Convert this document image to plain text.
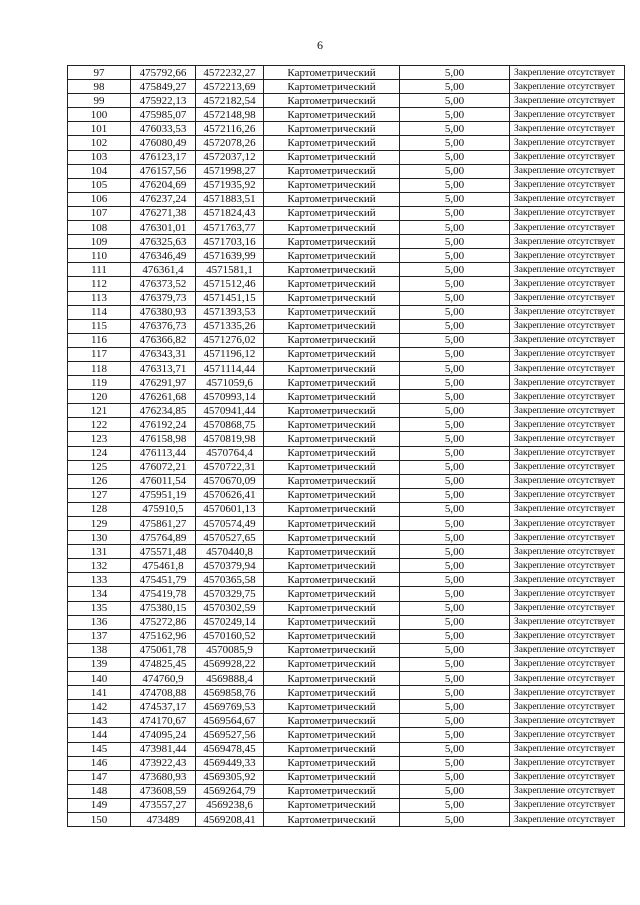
6
97	475792,66	4572232,27	Картометрический	5,00	Закрепление отсутствует
98	475849,27	4572213,69	Картометрический	5,00	Закрепление отсутствует
99	475922,13	4572182,54	Картометрический	5,00	Закрепление отсутствует
100	475985,07	4572148,98	Картометрический	5,00	Закрепление отсутствует
101	476033,53	4572116,26	Картометрический	5,00	Закрепление отсутствует
102	476080,49	4572078,26	Картометрический	5,00	Закрепление отсутствует
103	476123,17	4572037,12	Картометрический	5,00	Закрепление отсутствует
104	476157,56	4571998,27	Картометрический	5,00	Закрепление отсутствует
105	476204,69	4571935,92	Картометрический	5,00	Закрепление отсутствует
106	476237,24	4571883,51	Картометрический	5,00	Закрепление отсутствует
107	476271,38	4571824,43	Картометрический	5,00	Закрепление отсутствует
108	476301,01	4571763,77	Картометрический	5,00	Закрепление отсутствует
109	476325,63	4571703,16	Картометрический	5,00	Закрепление отсутствует
110	476346,49	4571639,99	Картометрический	5,00	Закрепление отсутствует
111	476361,4	4571581,1	Картометрический	5,00	Закрепление отсутствует
112	476373,52	4571512,46	Картометрический	5,00	Закрепление отсутствует
113	476379,73	4571451,15	Картометрический	5,00	Закрепление отсутствует
114	476380,93	4571393,53	Картометрический	5,00	Закрепление отсутствует
115	476376,73	4571335,26	Картометрический	5,00	Закрепление отсутствует
116	476366,82	4571276,02	Картометрический	5,00	Закрепление отсутствует
117	476343,31	4571196,12	Картометрический	5,00	Закрепление отсутствует
118	476313,71	4571114,44	Картометрический	5,00	Закрепление отсутствует
119	476291,97	4571059,6	Картометрический	5,00	Закрепление отсутствует
120	476261,68	4570993,14	Картометрический	5,00	Закрепление отсутствует
121	476234,85	4570941,44	Картометрический	5,00	Закрепление отсутствует
122	476192,24	4570868,75	Картометрический	5,00	Закрепление отсутствует
123	476158,98	4570819,98	Картометрический	5,00	Закрепление отсутствует
124	476113,44	4570764,4	Картометрический	5,00	Закрепление отсутствует
125	476072,21	4570722,31	Картометрический	5,00	Закрепление отсутствует
126	476011,54	4570670,09	Картометрический	5,00	Закрепление отсутствует
127	475951,19	4570626,41	Картометрический	5,00	Закрепление отсутствует
128	475910,5	4570601,13	Картометрический	5,00	Закрепление отсутствует
129	475861,27	4570574,49	Картометрический	5,00	Закрепление отсутствует
130	475764,89	4570527,65	Картометрический	5,00	Закрепление отсутствует
131	475571,48	4570440,8	Картометрический	5,00	Закрепление отсутствует
132	475461,8	4570379,94	Картометрический	5,00	Закрепление отсутствует
133	475451,79	4570365,58	Картометрический	5,00	Закрепление отсутствует
134	475419,78	4570329,75	Картометрический	5,00	Закрепление отсутствует
135	475380,15	4570302,59	Картометрический	5,00	Закрепление отсутствует
136	475272,86	4570249,14	Картометрический	5,00	Закрепление отсутствует
137	475162,96	4570160,52	Картометрический	5,00	Закрепление отсутствует
138	475061,78	4570085,9	Картометрический	5,00	Закрепление отсутствует
139	474825,45	4569928,22	Картометрический	5,00	Закрепление отсутствует
140	474760,9	4569888,4	Картометрический	5,00	Закрепление отсутствует
141	474708,88	4569858,76	Картометрический	5,00	Закрепление отсутствует
142	474537,17	4569769,53	Картометрический	5,00	Закрепление отсутствует
143	474170,67	4569564,67	Картометрический	5,00	Закрепление отсутствует
144	474095,24	4569527,56	Картометрический	5,00	Закрепление отсутствует
145	473981,44	4569478,45	Картометрический	5,00	Закрепление отсутствует
146	473922,43	4569449,33	Картометрический	5,00	Закрепление отсутствует
147	473680,93	4569305,92	Картометрический	5,00	Закрепление отсутствует
148	473608,59	4569264,79	Картометрический	5,00	Закрепление отсутствует
149	473557,27	4569238,6	Картометрический	5,00	Закрепление отсутствует
150	473489	4569208,41	Картометрический	5,00	Закрепление отсутствует
